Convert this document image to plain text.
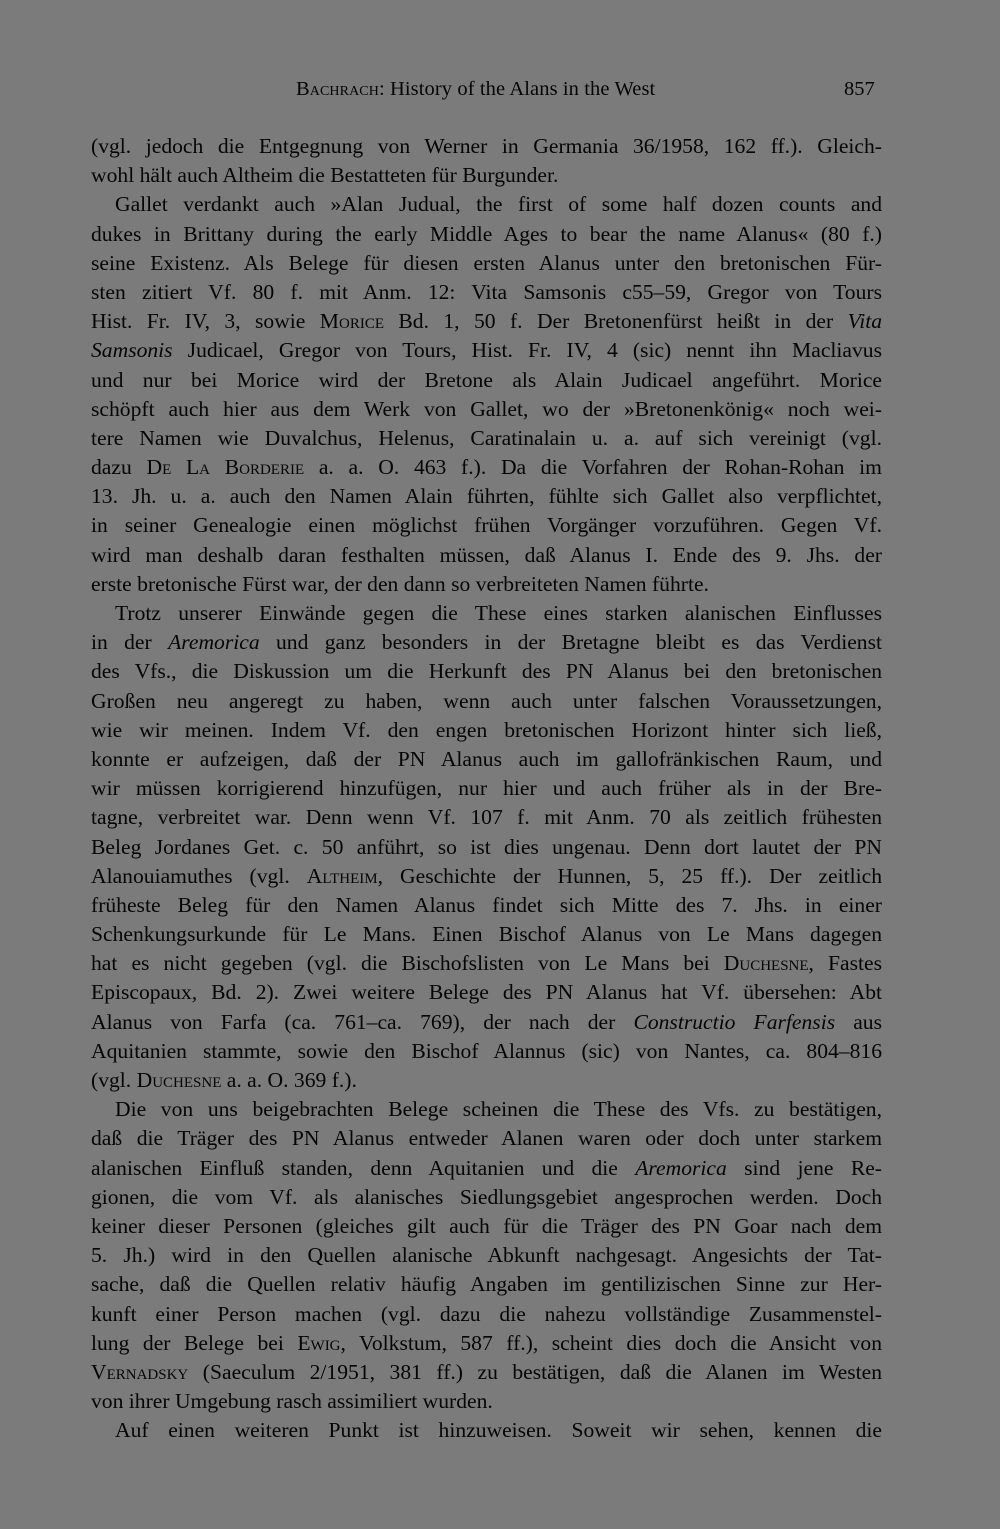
Bachrach: History of the Alans in the West	857
(vgl. jedoch die Entgegnung von Werner in Germania 36/1958, 162 ff.). Gleich-
wohl hält auch Altheim die Bestatteten für Burgunder.
Gallet verdankt auch »Alan Judual, the first of some half dozen counts and
dukes in Brittany during the early Middle Ages to bear the name Alanus« (80 f.)
seine Existenz. Als Belege für diesen ersten Alanus unter den bretonischen Für-
sten zitiert Vf. 80 f. mit Anm. 12: Vita Samsonis c55–59, Gregor von Tours
Hist. Fr. IV, 3, sowie Morice Bd. 1, 50 f. Der Bretonenfürst heißt in der Vita
Samsonis Judicael, Gregor von Tours, Hist. Fr. IV, 4 (sic) nennt ihn Macliavus
und nur bei Morice wird der Bretone als Alain Judicael angeführt. Morice
schöpft auch hier aus dem Werk von Gallet, wo der »Bretonenkönig« noch wei-
tere Namen wie Duvalchus, Helenus, Caratinalain u. a. auf sich vereinigt (vgl.
dazu De La Borderie a. a. O. 463 f.). Da die Vorfahren der Rohan-Rohan im
13. Jh. u. a. auch den Namen Alain führten, fühlte sich Gallet also verpflichtet,
in seiner Genealogie einen möglichst frühen Vorgänger vorzuführen. Gegen Vf.
wird man deshalb daran festhalten müssen, daß Alanus I. Ende des 9. Jhs. der
erste bretonische Fürst war, der den dann so verbreiteten Namen führte.
Trotz unserer Einwände gegen die These eines starken alanischen Einflusses
in der Aremorica und ganz besonders in der Bretagne bleibt es das Verdienst
des Vfs., die Diskussion um die Herkunft des PN Alanus bei den bretonischen
Großen neu angeregt zu haben, wenn auch unter falschen Voraussetzungen,
wie wir meinen. Indem Vf. den engen bretonischen Horizont hinter sich ließ,
konnte er aufzeigen, daß der PN Alanus auch im gallofränkischen Raum, und
wir müssen korrigierend hinzufügen, nur hier und auch früher als in der Bre-
tagne, verbreitet war. Denn wenn Vf. 107 f. mit Anm. 70 als zeitlich frühesten
Beleg Jordanes Get. c. 50 anführt, so ist dies ungenau. Denn dort lautet der PN
Alanouiamuthes (vgl. Altheim, Geschichte der Hunnen, 5, 25 ff.). Der zeitlich
früheste Beleg für den Namen Alanus findet sich Mitte des 7. Jhs. in einer
Schenkungsurkunde für Le Mans. Einen Bischof Alanus von Le Mans dagegen
hat es nicht gegeben (vgl. die Bischofslisten von Le Mans bei Duchesne, Fastes
Episcopaux, Bd. 2). Zwei weitere Belege des PN Alanus hat Vf. übersehen: Abt
Alanus von Farfa (ca. 761–ca. 769), der nach der Constructio Farfensis aus
Aquitanien stammte, sowie den Bischof Alannus (sic) von Nantes, ca. 804–816
(vgl. Duchesne a. a. O. 369 f.).
Die von uns beigebrachten Belege scheinen die These des Vfs. zu bestätigen,
daß die Träger des PN Alanus entweder Alanen waren oder doch unter starkem
alanischen Einfluß standen, denn Aquitanien und die Aremorica sind jene Re-
gionen, die vom Vf. als alanisches Siedlungsgebiet angesprochen werden. Doch
keiner dieser Personen (gleiches gilt auch für die Träger des PN Goar nach dem
5. Jh.) wird in den Quellen alanische Abkunft nachgesagt. Angesichts der Tat-
sache, daß die Quellen relativ häufig Angaben im gentilizischen Sinne zur Her-
kunft einer Person machen (vgl. dazu die nahezu vollständige Zusammenstel-
lung der Belege bei Ewig, Volkstum, 587 ff.), scheint dies doch die Ansicht von
Vernadsky (Saeculum 2/1951, 381 ff.) zu bestätigen, daß die Alanen im Westen
von ihrer Umgebung rasch assimiliert wurden.
Auf einen weiteren Punkt ist hinzuweisen. Soweit wir sehen, kennen die
